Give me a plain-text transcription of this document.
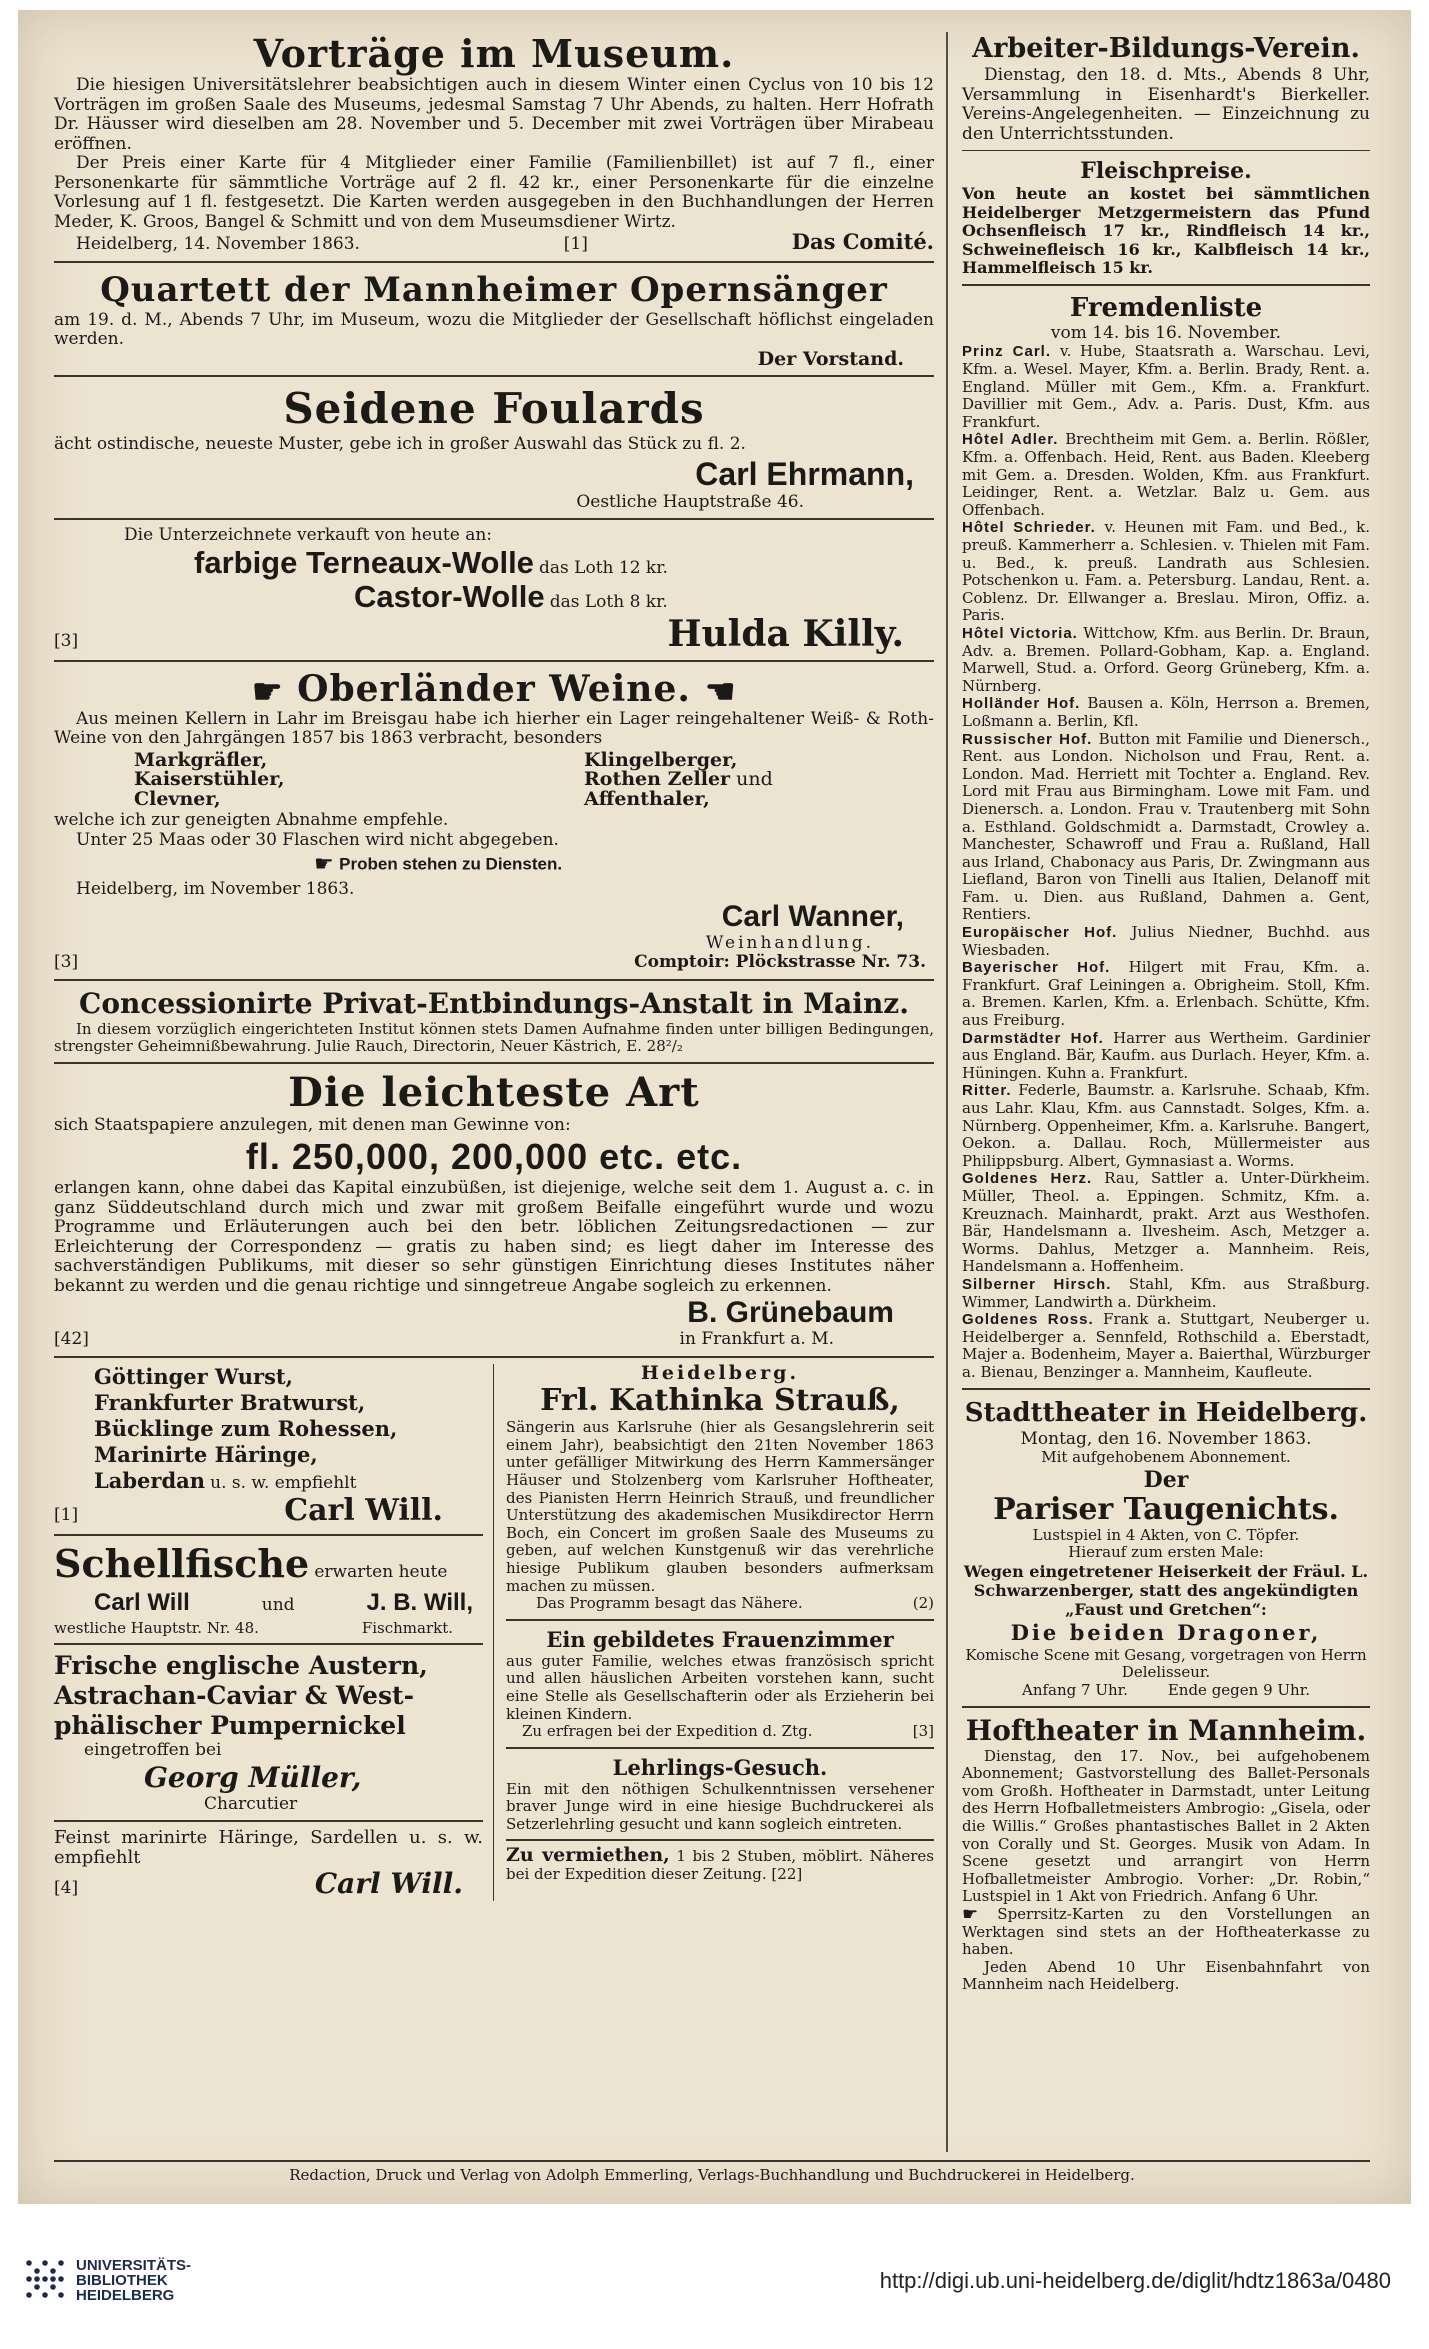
Vorträge im Museum.
Die hiesigen Universitätslehrer beabsichtigen auch in diesem Winter einen Cyclus von 10 bis 12 Vorträgen im großen Saale des Museums, jedesmal Samstag 7 Uhr Abends, zu halten. Herr Hofrath Dr. Häusser wird dieselben am 28. November und 5. December mit zwei Vorträgen über Mirabeau eröffnen.
Der Preis einer Karte für 4 Mitglieder einer Familie (Familienbillet) ist auf 7 fl., einer Personenkarte für sämmtliche Vorträge auf 2 fl. 42 kr., einer Personenkarte für die einzelne Vorlesung auf 1 fl. festgesetzt. Die Karten werden ausgegeben in den Buchhandlungen der Herren Meder, K. Groos, Bangel & Schmitt und von dem Museumsdiener Wirtz.
Heidelberg, 14. November 1863.	[1]	Das Comité.
Quartett der Mannheimer Opernsänger
am 19. d. M., Abends 7 Uhr, im Museum, wozu die Mitglieder der Gesellschaft höflichst eingeladen werden.
Der Vorstand.
Seidene Foulards
ächt ostindische, neueste Muster, gebe ich in großer Auswahl das Stück zu fl. 2.
Carl Ehrmann,
Oestliche Hauptstraße 46.
Die Unterzeichnete verkauft von heute an:
farbige Terneaux-Wolle das Loth 12 kr.
Castor-Wolle das Loth 8 kr.
[3]	Hulda Killy.
☛ Oberländer Weine. ☛
Aus meinen Kellern in Lahr im Breisgau habe ich hierher ein Lager reingehaltener Weiß- & Roth-Weine von den Jahrgängen 1857 bis 1863 verbracht, besonders
Markgräfler,
Kaiserstühler,
Clevner,
Klingelberger,
Rothen Zeller und
Affenthaler,
welche ich zur geneigten Abnahme empfehle.
Unter 25 Maas oder 30 Flaschen wird nicht abgegeben.
☛ Proben stehen zu Diensten.
Heidelberg, im November 1863.
Carl Wanner,
Weinhandlung.
[3]	Comptoir: Plöckstrasse Nr. 73.
Concessionirte Privat-Entbindungs-Anstalt in Mainz.
In diesem vorzüglich eingerichteten Institut können stets Damen Aufnahme finden unter billigen Bedingungen, strengster Geheimnißbewahrung. Julie Rauch, Directorin, Neuer Kästrich, E. 28²/₂
Die leichteste Art
sich Staatspapiere anzulegen, mit denen man Gewinne von:
fl. 250,000, 200,000 etc. etc.
erlangen kann, ohne dabei das Kapital einzubüßen, ist diejenige, welche seit dem 1. August a. c. in ganz Süddeutschland durch mich und zwar mit großem Beifalle eingeführt wurde und wozu Programme und Erläuterungen auch bei den betr. löblichen Zeitungsredactionen — zur Erleichterung der Correspondenz — gratis zu haben sind; es liegt daher im Interesse des sachverständigen Publikums, mit dieser so sehr günstigen Einrichtung dieses Institutes näher bekannt zu werden und die genau richtige und sinngetreue Angabe sogleich zu erkennen.
B. Grünebaum
[42]	in Frankfurt a. M.
Göttinger Wurst,
Frankfurter Bratwurst,
Bücklinge zum Rohessen,
Marinirte Häringe,
Laberdan u. s. w. empfiehlt
[1]	Carl Will.
Schellfische erwarten heute
Carl Will	und	J. B. Will,
westliche Hauptstr. Nr. 48.	Fischmarkt.
Frische englische Austern,
Astrachan-Caviar & West-
phälischer Pumpernickel
eingetroffen bei
Georg Müller,
Charcutier
Feinst marinirte Häringe, Sardellen u. s. w. empfiehlt
[4]	Carl Will.
Heidelberg.
Frl. Kathinka Strauß,
Sängerin aus Karlsruhe (hier als Gesangslehrerin seit einem Jahr), beabsichtigt den 21ten November 1863 unter gefälliger Mitwirkung des Herrn Kammersänger Häuser und Stolzenberg vom Karlsruher Hoftheater, des Pianisten Herrn Heinrich Strauß, und freundlicher Unterstützung des akademischen Musikdirector Herrn Boch, ein Concert im großen Saale des Museums zu geben, auf welchen Kunstgenuß wir das verehrliche hiesige Publikum glauben besonders aufmerksam machen zu müssen.
Das Programm besagt das Nähere.	(2)
Ein gebildetes Frauenzimmer
aus guter Familie, welches etwas französisch spricht und allen häuslichen Arbeiten vorstehen kann, sucht eine Stelle als Gesellschafterin oder als Erzieherin bei kleinen Kindern.
Zu erfragen bei der Expedition d. Ztg.	[3]
Lehrlings-Gesuch.
Ein mit den nöthigen Schulkenntnissen versehener braver Junge wird in eine hiesige Buchdruckerei als Setzerlehrling gesucht und kann sogleich eintreten.
Zu vermiethen, 1 bis 2 Stuben, möblirt. Näheres bei der Expedition dieser Zeitung. [22]
Arbeiter-Bildungs-Verein.
Dienstag, den 18. d. Mts., Abends 8 Uhr, Versammlung in Eisenhardt's Bierkeller. Vereins-Angelegenheiten. — Einzeichnung zu den Unterrichtsstunden.
Fleischpreise.
Von heute an kostet bei sämmtlichen Heidelberger Metzgermeistern das Pfund Ochsenfleisch 17 kr., Rindfleisch 14 kr., Schweinefleisch 16 kr., Kalbfleisch 14 kr., Hammelfleisch 15 kr.
Fremdenliste
vom 14. bis 16. November.
Prinz Carl. v. Hube, Staatsrath a. Warschau. Levi, Kfm. a. Wesel. Mayer, Kfm. a. Berlin. Brady, Rent. a. England. Müller mit Gem., Kfm. a. Frankfurt. Davillier mit Gem., Adv. a. Paris. Dust, Kfm. aus Frankfurt.
Hôtel Adler. Brechtheim mit Gem. a. Berlin. Rößler, Kfm. a. Offenbach. Heid, Rent. aus Baden. Kleeberg mit Gem. a. Dresden. Wolden, Kfm. aus Frankfurt. Leidinger, Rent. a. Wetzlar. Balz u. Gem. aus Offenbach.
Hôtel Schrieder. v. Heunen mit Fam. und Bed., k. preuß. Kammerherr a. Schlesien. v. Thielen mit Fam. u. Bed., k. preuß. Landrath aus Schlesien. Potschenkon u. Fam. a. Petersburg. Landau, Rent. a. Coblenz. Dr. Ellwanger a. Breslau. Miron, Offiz. a. Paris.
Hôtel Victoria. Wittchow, Kfm. aus Berlin. Dr. Braun, Adv. a. Bremen. Pollard-Gobham, Kap. a. England. Marwell, Stud. a. Orford. Georg Grüneberg, Kfm. a. Nürnberg.
Holländer Hof. Bausen a. Köln, Herrson a. Bremen, Loßmann a. Berlin, Kfl.
Russischer Hof. Button mit Familie und Dienersch., Rent. aus London. Nicholson und Frau, Rent. a. London. Mad. Herriett mit Tochter a. England. Rev. Lord mit Frau aus Birmingham. Lowe mit Fam. und Dienersch. a. London. Frau v. Trautenberg mit Sohn a. Esthland. Goldschmidt a. Darmstadt, Crowley a. Manchester, Schawroff und Frau a. Rußland, Hall aus Irland, Chabonacy aus Paris, Dr. Zwingmann aus Liefland, Baron von Tinelli aus Italien, Delanoff mit Fam. u. Dien. aus Rußland, Dahmen a. Gent, Rentiers.
Europäischer Hof. Julius Niedner, Buchhd. aus Wiesbaden.
Bayerischer Hof. Hilgert mit Frau, Kfm. a. Frankfurt. Graf Leiningen a. Obrigheim. Stoll, Kfm. a. Bremen. Karlen, Kfm. a. Erlenbach. Schütte, Kfm. aus Freiburg.
Darmstädter Hof. Harrer aus Wertheim. Gardinier aus England. Bär, Kaufm. aus Durlach. Heyer, Kfm. a. Hüningen. Kuhn a. Frankfurt.
Ritter. Federle, Baumstr. a. Karlsruhe. Schaab, Kfm. aus Lahr. Klau, Kfm. aus Cannstadt. Solges, Kfm. a. Nürnberg. Oppenheimer, Kfm. a. Karlsruhe. Bangert, Oekon. a. Dallau. Roch, Müllermeister aus Philippsburg. Albert, Gymnasiast a. Worms.
Goldenes Herz. Rau, Sattler a. Unter-Dürkheim. Müller, Theol. a. Eppingen. Schmitz, Kfm. a. Kreuznach. Mainhardt, prakt. Arzt aus Westhofen. Bär, Handelsmann a. Ilvesheim. Asch, Metzger a. Worms. Dahlus, Metzger a. Mannheim. Reis, Handelsmann a. Hoffenheim.
Silberner Hirsch. Stahl, Kfm. aus Straßburg. Wimmer, Landwirth a. Dürkheim.
Goldenes Ross. Frank a. Stuttgart, Neuberger u. Heidelberger a. Sennfeld, Rothschild a. Eberstadt, Majer a. Bodenheim, Mayer a. Baierthal, Würzburger a. Bienau, Benzinger a. Mannheim, Kaufleute.
Stadttheater in Heidelberg.
Montag, den 16. November 1863.
Mit aufgehobenem Abonnement.
Der
Pariser Taugenichts.
Lustspiel in 4 Akten, von C. Töpfer.
Hierauf zum ersten Male:
Wegen eingetretener Heiserkeit der Fräul. L. Schwarzenberger, statt des angekündigten „Faust und Gretchen“:
Die beiden Dragoner,
Komische Scene mit Gesang, vorgetragen von Herrn Delelisseur.
Anfang 7 Uhr.	Ende gegen 9 Uhr.
Hoftheater in Mannheim.
Dienstag, den 17. Nov., bei aufgehobenem Abonnement; Gastvorstellung des Ballet-Personals vom Großh. Hoftheater in Darmstadt, unter Leitung des Herrn Hofballetmeisters Ambrogio: „Gisela, oder die Willis.“ Großes phantastisches Ballet in 2 Akten von Corally und St. Georges. Musik von Adam. In Scene gesetzt und arrangirt von Herrn Hofballetmeister Ambrogio. Vorher: „Dr. Robin,“ Lustspiel in 1 Akt von Friedrich. Anfang 6 Uhr.
☛ Sperrsitz-Karten zu den Vorstellungen an Werktagen sind stets an der Hoftheaterkasse zu haben.
Jeden Abend 10 Uhr Eisenbahnfahrt von Mannheim nach Heidelberg.
Redaction, Druck und Verlag von Adolph Emmerling, Verlags-Buchhandlung und Buchdruckerei in Heidelberg.
UNIVERSITÄTS-
BIBLIOTHEK
HEIDELBERG
http://digi.ub.uni-heidelberg.de/diglit/hdtz1863a/0480
